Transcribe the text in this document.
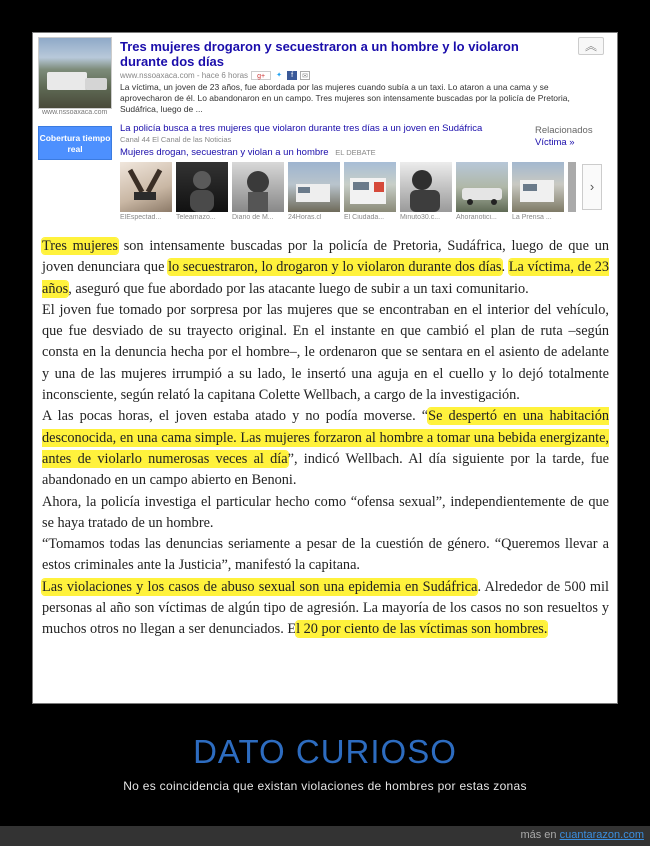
www.nssoaxaca.com
Tres mujeres drogaron y secuestraron a un hombre y lo violaron durante dos días
www.nssoaxaca.com - hace 6 horas	g+	✦	f	✉
La víctima, un joven de 23 años, fue abordada por las mujeres cuando subía a un taxi. Lo ataron a una cama y se aprovecharon de él. Lo abandonaron en un campo. Tres mujeres son intensamente buscadas por la policía de Pretoria, Sudáfrica, luego de ...
︽
Cobertura tiempo real
La policía busca a tres mujeres que violaron durante tres días a un joven en Sudáfrica
Canal 44 El Canal de las Noticias
Mujeres drogan, secuestran y violan a un hombre EL DEBATE
Relacionados
Víctima »
ElEspectad...	Teleamazo...	Diario de M...	24Horas.cl	El Ciudada...	Minuto30.c...	Ahoranotici...	La Prensa ...
›

Tres mujeres son intensamente buscadas por la policía de Pretoria, Sudáfrica, luego de que un joven denunciara que lo secuestraron, lo drogaron y lo violaron durante dos días. La víctima, de 23 años, aseguró que fue abordado por las atacante luego de subir a un taxi comunitario.

El joven fue tomado por sorpresa por las mujeres que se encontraban en el interior del vehículo, que fue desviado de su trayecto original. En el instante en que cambió el plan de ruta –según consta en la denuncia hecha por el hombre–, le ordenaron que se sentara en el asiento de adelante y una de las mujeres irrumpió a su lado, le insertó una aguja en el cuello y lo dejó totalmente inconsciente, según relató la capitana Colette Wellbach, a cargo de la investigación.

A las pocas horas, el joven estaba atado y no podía moverse. “Se despertó en una habitación desconocida, en una cama simple. Las mujeres forzaron al hombre a tomar una bebida energizante, antes de violarlo numerosas veces al día”, indicó Wellbach. Al día siguiente por la tarde, fue abandonado en un campo abierto en Benoni.

Ahora, la policía investiga el particular hecho como “ofensa sexual”, independientemente de que se haya tratado de un hombre.

“Tomamos todas las denuncias seriamente a pesar de la cuestión de género. “Queremos llevar a estos criminales ante la Justicia”, manifestó la capitana.

Las violaciones y los casos de abuso sexual son una epidemia en Sudáfrica. Alrededor de 500 mil personas al año son víctimas de algún tipo de agresión. La mayoría de los casos no son resueltos y muchos otros no llegan a ser denunciados. El 20 por ciento de las víctimas son hombres.

DATO CURIOSO
No es coincidencia que existan violaciones de hombres por estas zonas
más en cuantarazon.com
